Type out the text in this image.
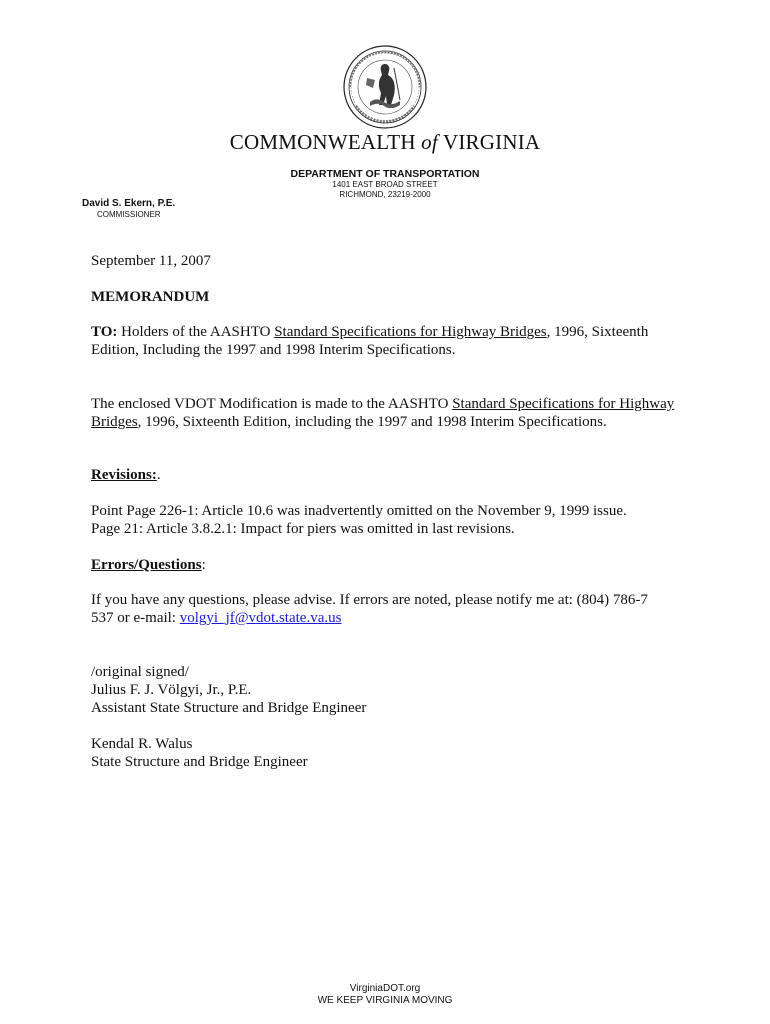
COMMONWEALTH of VIRGINIA
DEPARTMENT OF TRANSPORTATION
1401 EAST BROAD STREET
RICHMOND, 23219-2000
David S. Ekern, P.E.
COMMISSIONER
September 11, 2007
MEMORANDUM
TO: Holders of the AASHTO Standard Specifications for Highway Bridges, 1996, Sixteenth
Edition, Including the 1997 and 1998 Interim Specifications.
The enclosed VDOT Modification is made to the AASHTO Standard Specifications for Highway
Bridges, 1996, Sixteenth Edition, including the 1997 and 1998 Interim Specifications.
Revisions:.
Point Page 226-1: Article 10.6 was inadvertently omitted on the November 9, 1999 issue.
Page 21: Article 3.8.2.1: Impact for piers was omitted in last revisions.
Errors/Questions:
If you have any questions, please advise. If errors are noted, please notify me at: (804) 786-7
537 or e-mail: volgyi_jf@vdot.state.va.us
/original signed/
Julius F. J. Völgyi, Jr., P.E.
Assistant State Structure and Bridge Engineer
Kendal R. Walus
State Structure and Bridge Engineer
VirginiaDOT.org
WE KEEP VIRGINIA MOVING
